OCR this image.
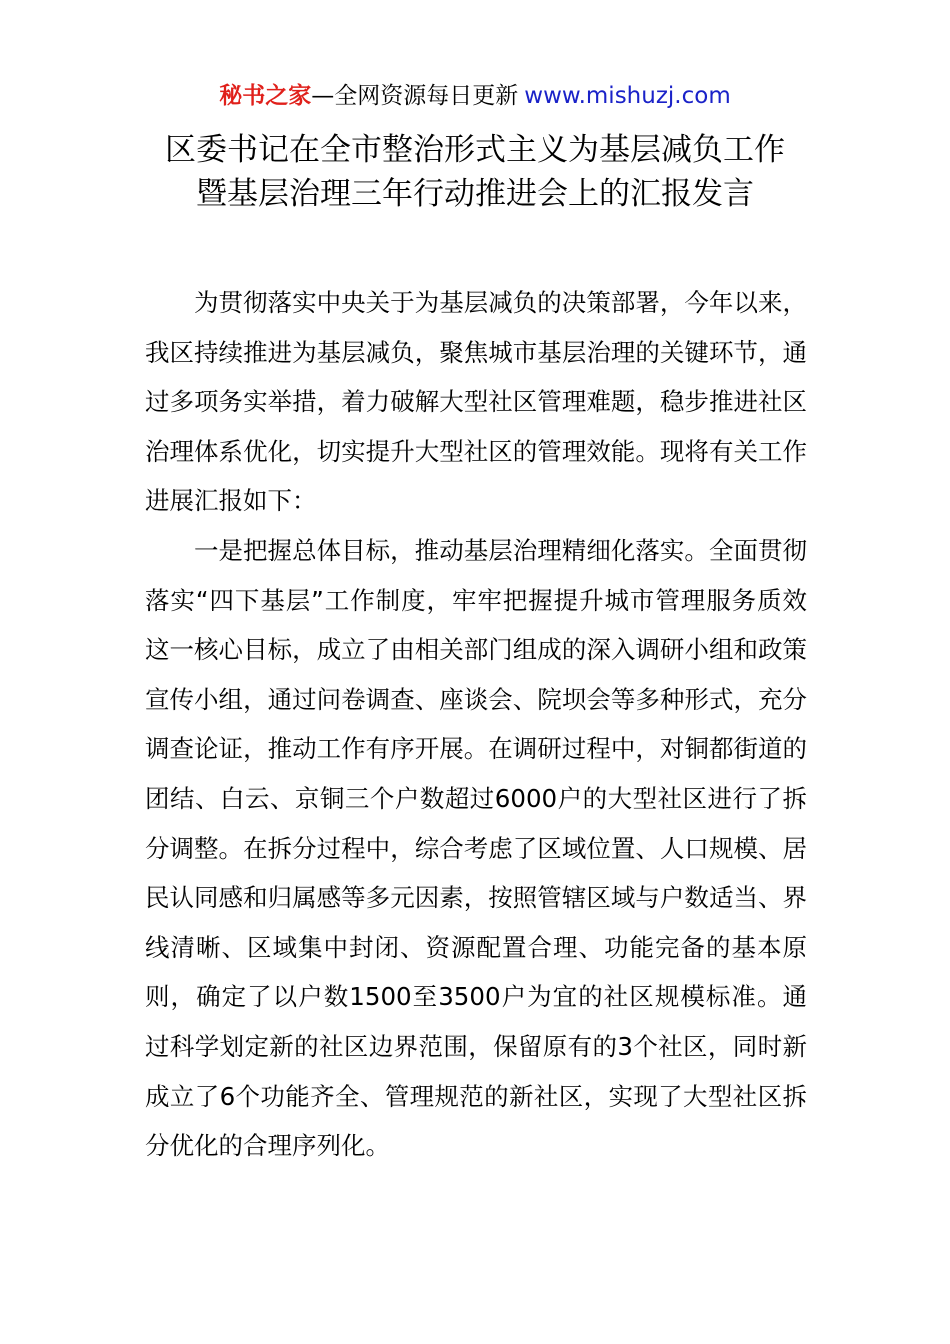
秘书之家—全网资源每日更新 www.mishuzj.com
区委书记在全市整治形式主义为基层减负工作
暨基层治理三年行动推进会上的汇报发言

为贯彻落实中央关于为基层减负的决策部署，今年以来，我区持续推进为基层减负，聚焦城市基层治理的关键环节，通过多项务实举措，着力破解大型社区管理难题，稳步推进社区治理体系优化，切实提升大型社区的管理效能。现将有关工作进展汇报如下：

一是把握总体目标，推动基层治理精细化落实。全面贯彻落实“四下基层”工作制度，牢牢把握提升城市管理服务质效这一核心目标，成立了由相关部门组成的深入调研小组和政策宣传小组，通过问卷调查、座谈会、院坝会等多种形式，充分调查论证，推动工作有序开展。在调研过程中，对铜都街道的团结、白云、京铜三个户数超过6000户的大型社区进行了拆分调整。在拆分过程中，综合考虑了区域位置、人口规模、居民认同感和归属感等多元因素，按照管辖区域与户数适当、界线清晰、区域集中封闭、资源配置合理、功能完备的基本原则，确定了以户数1500至3500户为宜的社区规模标准。通过科学划定新的社区边界范围，保留原有的3个社区，同时新成立了6个功能齐全、管理规范的新社区，实现了大型社区拆分优化的合理序列化。
